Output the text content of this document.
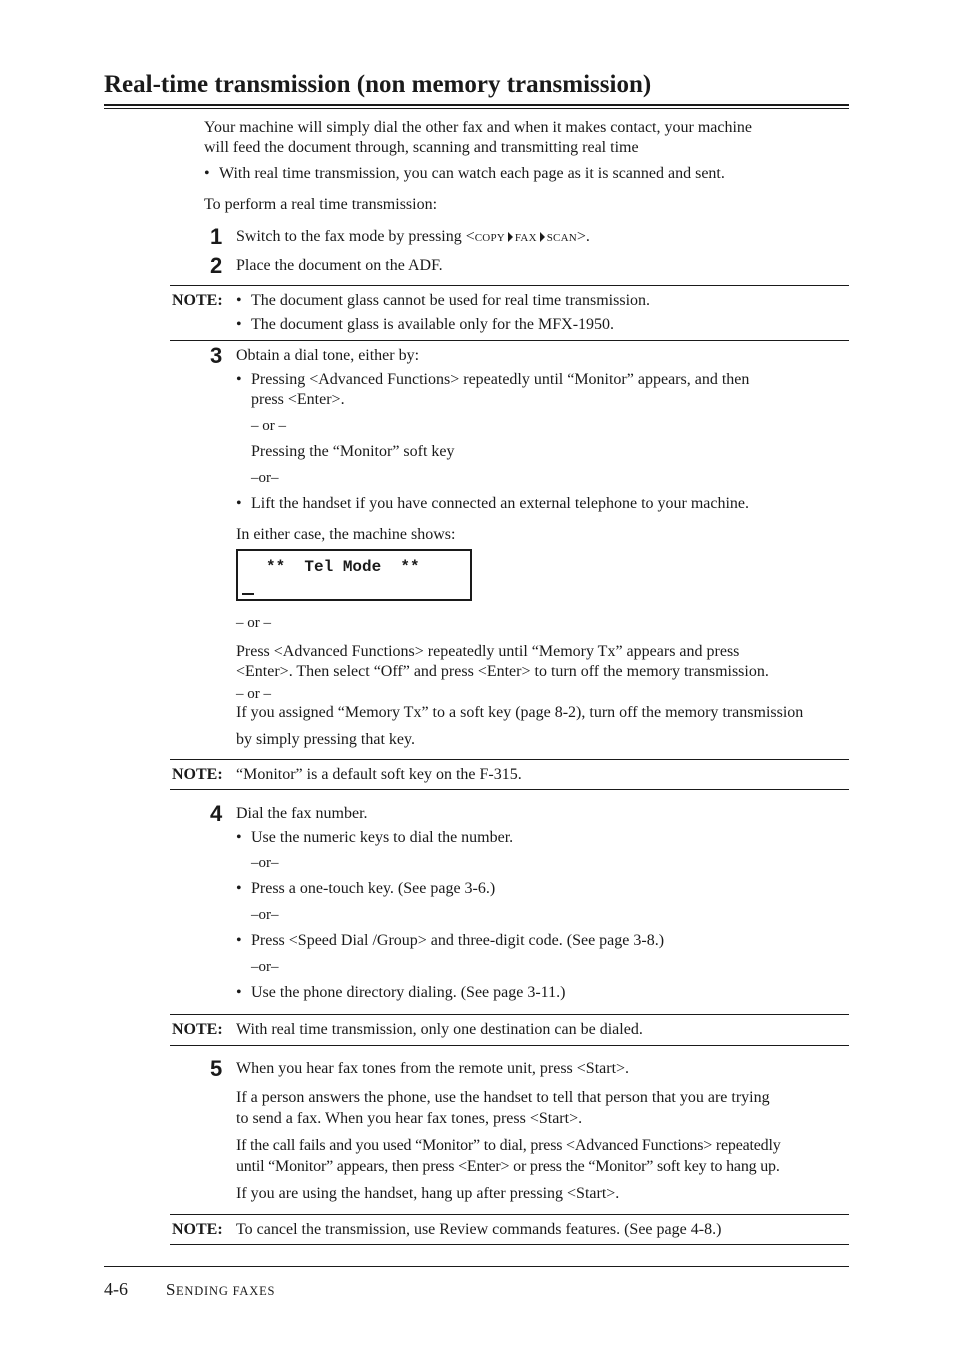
Real-time transmission (non memory transmission)
Your machine will simply dial the other fax and when it makes contact, your machine
will feed the document through, scanning and transmitting real time
• With real time transmission, you can watch each page as it is scanned and sent.
To perform a real time transmission:
1 Switch to the fax mode by pressing <COPY FAX SCAN>.
2 Place the document on the ADF.
NOTE: • The document glass cannot be used for real time transmission.
• The document glass is available only for the MFX-1950.
3 Obtain a dial tone, either by:
• Pressing <Advanced Functions> repeatedly until “Monitor” appears, and then
press <Enter>.
– or –
Pressing the “Monitor” soft key
–or–
• Lift the handset if you have connected an external telephone to your machine.
In either case, the machine shows:
**  Tel Mode  **
– or –
Press <Advanced Functions> repeatedly until “Memory Tx” appears and press
<Enter>. Then select “Off” and press <Enter> to turn off the memory transmission.
– or –
If you assigned “Memory Tx” to a soft key (page 8-2), turn off the memory transmission
by simply pressing that key.
NOTE: “Monitor” is a default soft key on the F-315.
4 Dial the fax number.
• Use the numeric keys to dial the number.
–or–
• Press a one-touch key. (See page 3-6.)
–or–
• Press <Speed Dial /Group> and three-digit code. (See page 3-8.)
–or–
• Use the phone directory dialing. (See page 3-11.)
NOTE: With real time transmission, only one destination can be dialed.
5 When you hear fax tones from the remote unit, press <Start>.
If a person answers the phone, use the handset to tell that person that you are trying
to send a fax. When you hear fax tones, press <Start>.
If the call fails and you used “Monitor” to dial, press <Advanced Functions> repeatedly
until “Monitor” appears, then press <Enter> or press the “Monitor” soft key to hang up.
If you are using the handset, hang up after pressing <Start>.
NOTE: To cancel the transmission, use Review commands features. (See page 4-8.)
4-6 SENDING FAXES
